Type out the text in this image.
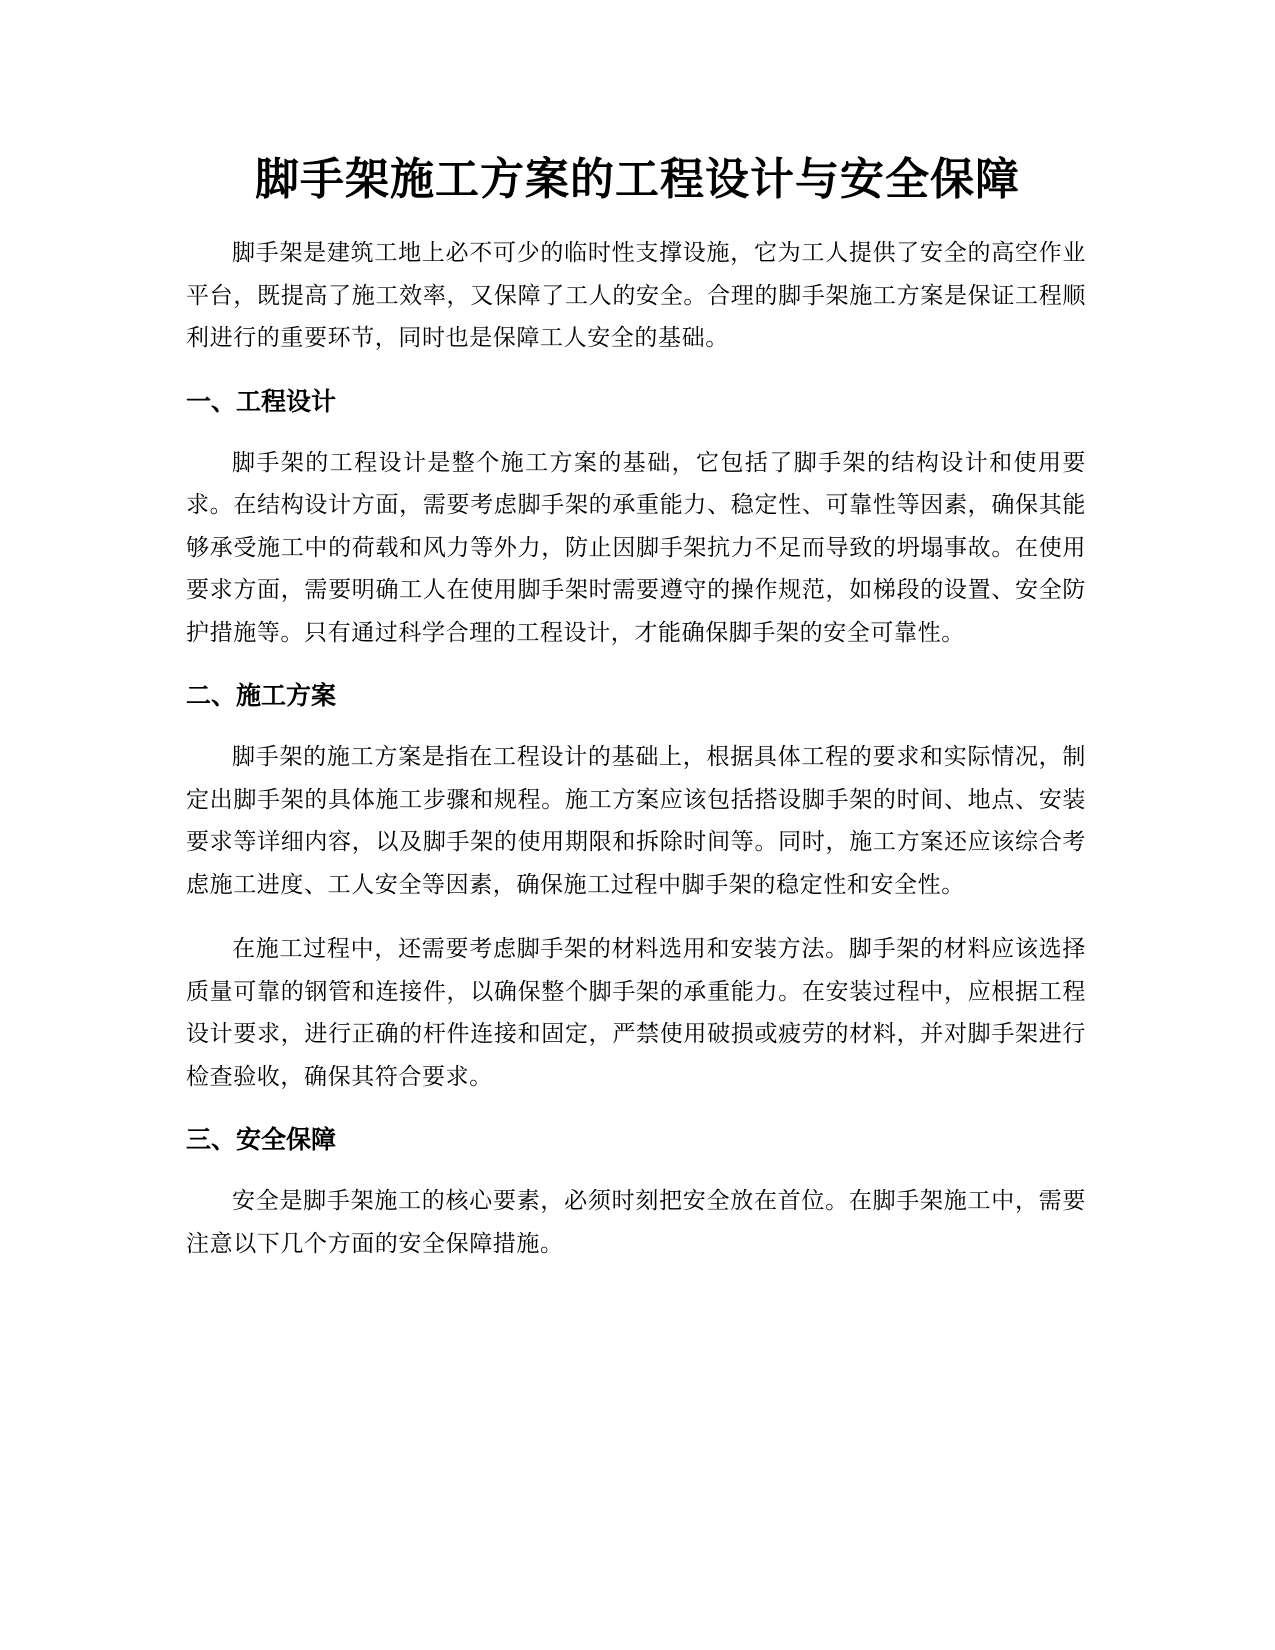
脚手架施工方案的工程设计与安全保障

脚手架是建筑工地上必不可少的临时性支撑设施，它为工人提供了安全的高空作业平台，既提高了施工效率，又保障了工人的安全。合理的脚手架施工方案是保证工程顺利进行的重要环节，同时也是保障工人安全的基础。

一、工程设计

脚手架的工程设计是整个施工方案的基础，它包括了脚手架的结构设计和使用要求。在结构设计方面，需要考虑脚手架的承重能力、稳定性、可靠性等因素，确保其能够承受施工中的荷载和风力等外力，防止因脚手架抗力不足而导致的坍塌事故。在使用要求方面，需要明确工人在使用脚手架时需要遵守的操作规范，如梯段的设置、安全防护措施等。只有通过科学合理的工程设计，才能确保脚手架的安全可靠性。

二、施工方案

脚手架的施工方案是指在工程设计的基础上，根据具体工程的要求和实际情况，制定出脚手架的具体施工步骤和规程。施工方案应该包括搭设脚手架的时间、地点、安装要求等详细内容，以及脚手架的使用期限和拆除时间等。同时，施工方案还应该综合考虑施工进度、工人安全等因素，确保施工过程中脚手架的稳定性和安全性。

在施工过程中，还需要考虑脚手架的材料选用和安装方法。脚手架的材料应该选择质量可靠的钢管和连接件，以确保整个脚手架的承重能力。在安装过程中，应根据工程设计要求，进行正确的杆件连接和固定，严禁使用破损或疲劳的材料，并对脚手架进行检查验收，确保其符合要求。

三、安全保障

安全是脚手架施工的核心要素，必须时刻把安全放在首位。在脚手架施工中，需要注意以下几个方面的安全保障措施。
